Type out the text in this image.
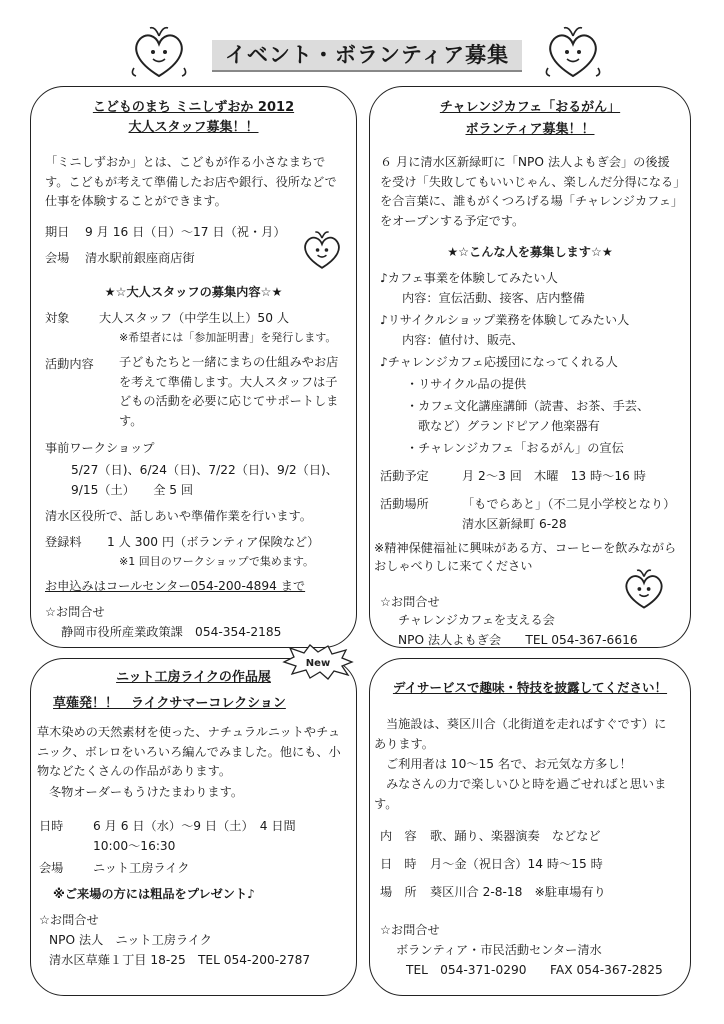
イベント・ボランティア募集
こどものまち ミニしずおか 2012
大人スタッフ募集！！
「ミニしずおか」とは、こどもが作る小さなまちです。こどもが考えて準備したお店や銀行、役所などで仕事を体験することができます。
期日 9 月 16 日（日）～17 日（祝・月）
会場 清水駅前銀座商店街
★☆大人スタッフの募集内容☆★
対象 大人スタッフ（中学生以上）50 人
※希望者には「参加証明書」を発行します。
活動内容 子どもたちと一緒にまちの仕組みやお店を考えて準備します。大人スタッフは子どもの活動を必要に応じてサポートします。
事前ワークショップ
5/27（日)、6/24（日)、7/22（日)、9/2（日)、
9/15（土）　　全 5 回
清水区役所で、話しあいや準備作業を行います。
登録料 1 人 300 円（ボランティア保険など）
※1 回目のワークショップで集めます。
お申込みはコールセンター054-200-4894 まで
☆お問合せ
静岡市役所産業政策課　054-354-2185
チャレンジカフェ「おるがん」
ボランティア募集！！
６ 月に清水区新緑町に「NPO 法人よもぎ会」の後援を受け「失敗してもいいじゃん、楽しんだ分得になる」を合言葉に、誰もがくつろげる場「チャレンジカフェ」をオープンする予定です。
★☆こんな人を募集します☆★
♪カフェ事業を体験してみたい人
内容：宣伝活動、接客、店内整備
♪リサイクルショップ業務を体験してみたい人
内容：値付け、販売、
♪チャレンジカフェ応援団になってくれる人
・リサイクル品の提供
・カフェ文化講座講師（読書、お茶、手芸、
歌など）グランドピアノ他楽器有
・チャレンジカフェ「おるがん」の宣伝
活動予定	月 2～3 回　木曜　13 時～16 時
活動場所	「もでらあと」（不二見小学校となり）
清水区新緑町 6-28
※精神保健福祉に興味がある方、コーヒーを飲みながらおしゃべりしに来てください
☆お問合せ
チャレンジカフェを支える会
NPO 法人よもぎ会　　TEL 054-367-6616
ニット工房ライクの作品展
草薙発！！　ライクサマーコレクション
草木染めの天然素材を使った、ナチュラルニットやチュニック、ボレロをいろいろ編んでみました。他にも、小物などたくさんの作品があります。
冬物オーダーもうけたまわります。
日時 6 月 6 日（水）～9 日（土）　4 日間
10:00～16:30
会場 ニット工房ライク
※ご来場の方には粗品をプレゼント♪
☆お問合せ
NPO 法人　ニット工房ライク
清水区草薙１丁目 18-25　TEL 054-200-2787
New
デイサービスで趣味・特技を披露してください！
当施設は、葵区川合（北街道を走ればすぐです）にあります。
ご利用者は 10～15 名で、お元気な方多し！
みなさんの力で楽しいひと時を過ごせればと思います。
内　容 歌、踊り、楽器演奏　などなど
日　時 月～金（祝日含）14 時～15 時
場　所 葵区川合 2-8-18　※駐車場有り
☆お問合せ
ボランティア・市民活動センター清水
TEL　054-371-0290 FAX 054-367-2825
